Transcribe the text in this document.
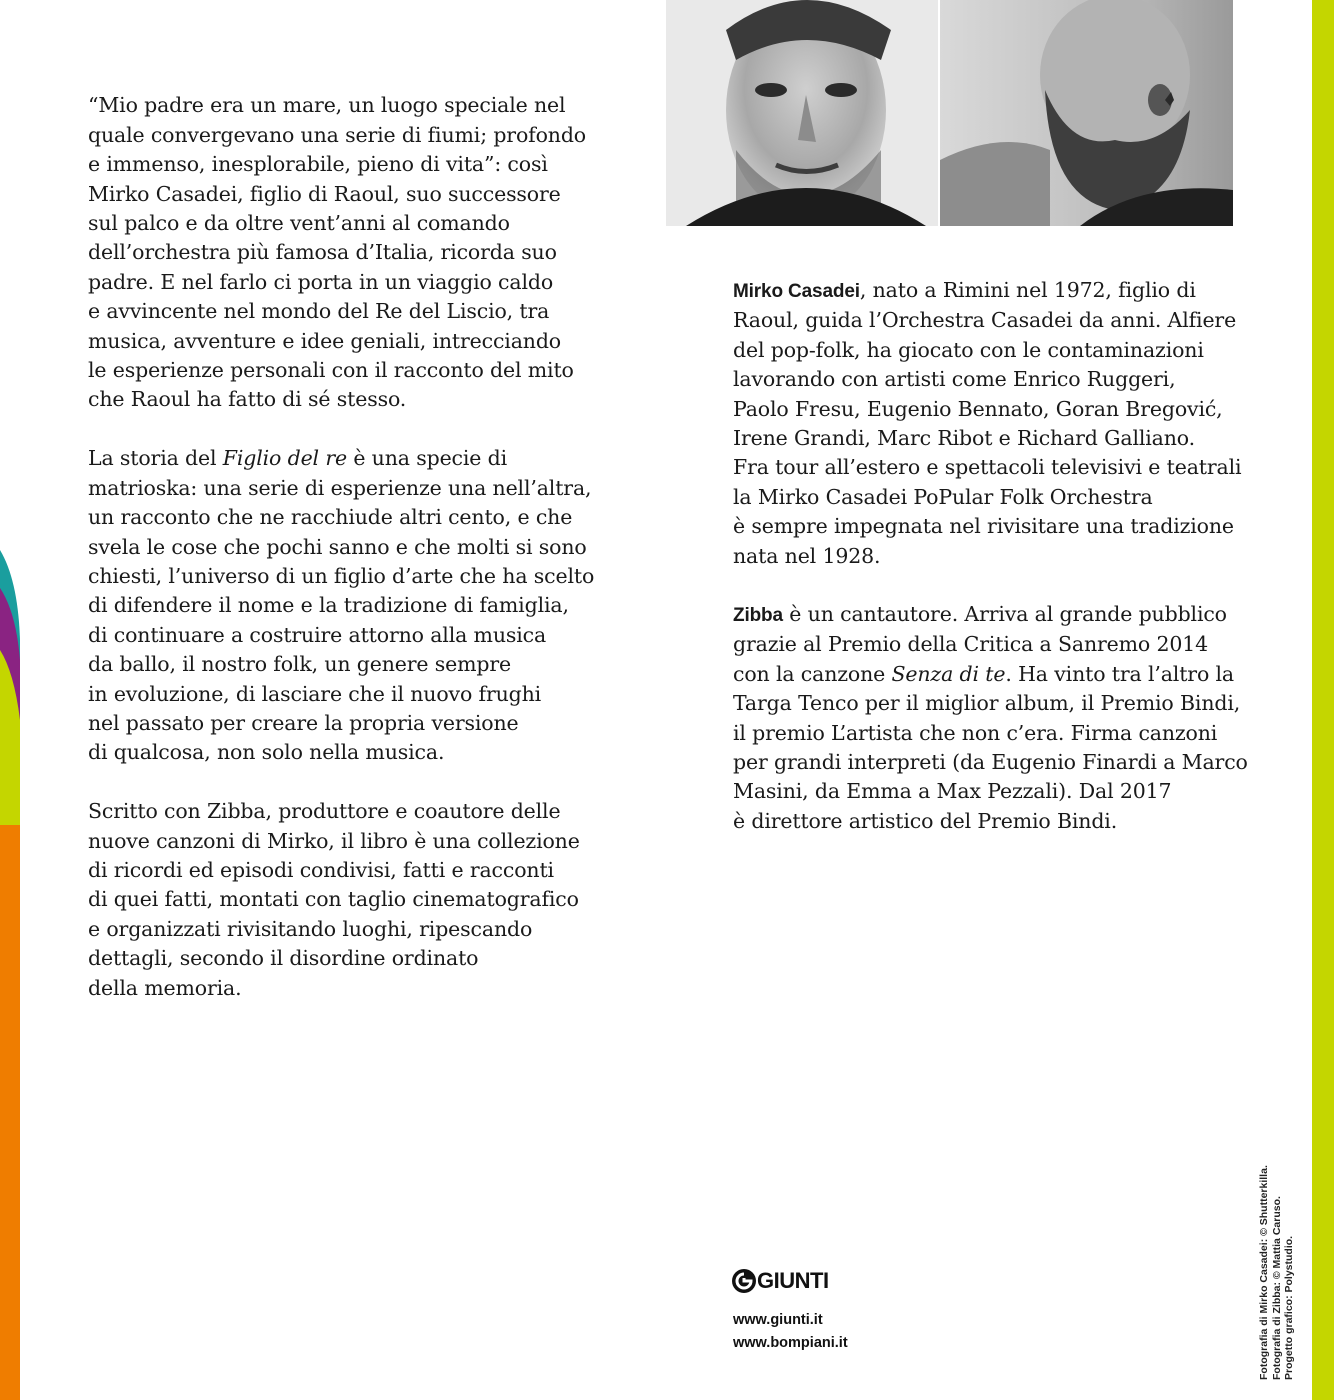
“Mio padre era un mare, un luogo speciale nel
quale convergevano una serie di fiumi; profondo
e immenso, inesplorabile, pieno di vita”: così
Mirko Casadei, figlio di Raoul, suo successore
sul palco e da oltre vent’anni al comando
dell’orchestra più famosa d’Italia, ricorda suo
padre. E nel farlo ci porta in un viaggio caldo
e avvincente nel mondo del Re del Liscio, tra
musica, avventure e idee geniali, intrecciando
le esperienze personali con il racconto del mito
che Raoul ha fatto di sé stesso.

La storia del Figlio del re è una specie di
matrioska: una serie di esperienze una nell’altra,
un racconto che ne racchiude altri cento, e che
svela le cose che pochi sanno e che molti si sono
chiesti, l’universo di un figlio d’arte che ha scelto
di difendere il nome e la tradizione di famiglia,
di continuare a costruire attorno alla musica
da ballo, il nostro folk, un genere sempre
in evoluzione, di lasciare che il nuovo frughi
nel passato per creare la propria versione
di qualcosa, non solo nella musica.

Scritto con Zibba, produttore e coautore delle
nuove canzoni di Mirko, il libro è una collezione
di ricordi ed episodi condivisi, fatti e racconti
di quei fatti, montati con taglio cinematografico
e organizzati rivisitando luoghi, ripescando
dettagli, secondo il disordine ordinato
della memoria.

Mirko Casadei, nato a Rimini nel 1972, figlio di
Raoul, guida l’Orchestra Casadei da anni. Alfiere
del pop-folk, ha giocato con le contaminazioni
lavorando con artisti come Enrico Ruggeri,
Paolo Fresu, Eugenio Bennato, Goran Bregović,
Irene Grandi, Marc Ribot e Richard Galliano.
Fra tour all’estero e spettacoli televisivi e teatrali
la Mirko Casadei PoPular Folk Orchestra
è sempre impegnata nel rivisitare una tradizione
nata nel 1928.
Zibba è un cantautore. Arriva al grande pubblico
grazie al Premio della Critica a Sanremo 2014
con la canzone Senza di te. Ha vinto tra l’altro la
Targa Tenco per il miglior album, il Premio Bindi,
il premio L’artista che non c’era. Firma canzoni
per grandi interpreti (da Eugenio Finardi a Marco
Masini, da Emma a Max Pezzali). Dal 2017
è direttore artistico del Premio Bindi.
GIUNTI
www.giunti.it
www.bompiani.it	Fotografia di Mirko Casadei: © Shutterkilla. Fotografia di Zibba: © Mattia Caruso. Progetto grafico: Polystudio.
